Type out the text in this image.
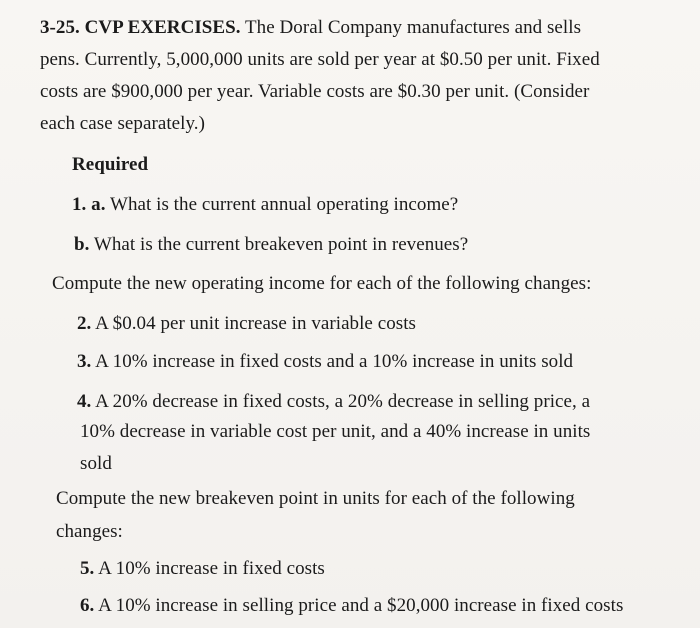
3-25. CVP EXERCISES. The Doral Company manufactures and sells
pens. Currently, 5,000,000 units are sold per year at $0.50 per unit. Fixed
costs are $900,000 per year. Variable costs are $0.30 per unit. (Consider
each case separately.)
Required
1. a. What is the current annual operating income?
b. What is the current breakeven point in revenues?
Compute the new operating income for each of the following changes:
2. A $0.04 per unit increase in variable costs
3. A 10% increase in fixed costs and a 10% increase in units sold
4. A 20% decrease in fixed costs, a 20% decrease in selling price, a
10% decrease in variable cost per unit, and a 40% increase in units
sold
Compute the new breakeven point in units for each of the following
changes:
5. A 10% increase in fixed costs
6. A 10% increase in selling price and a $20,000 increase in fixed costs
